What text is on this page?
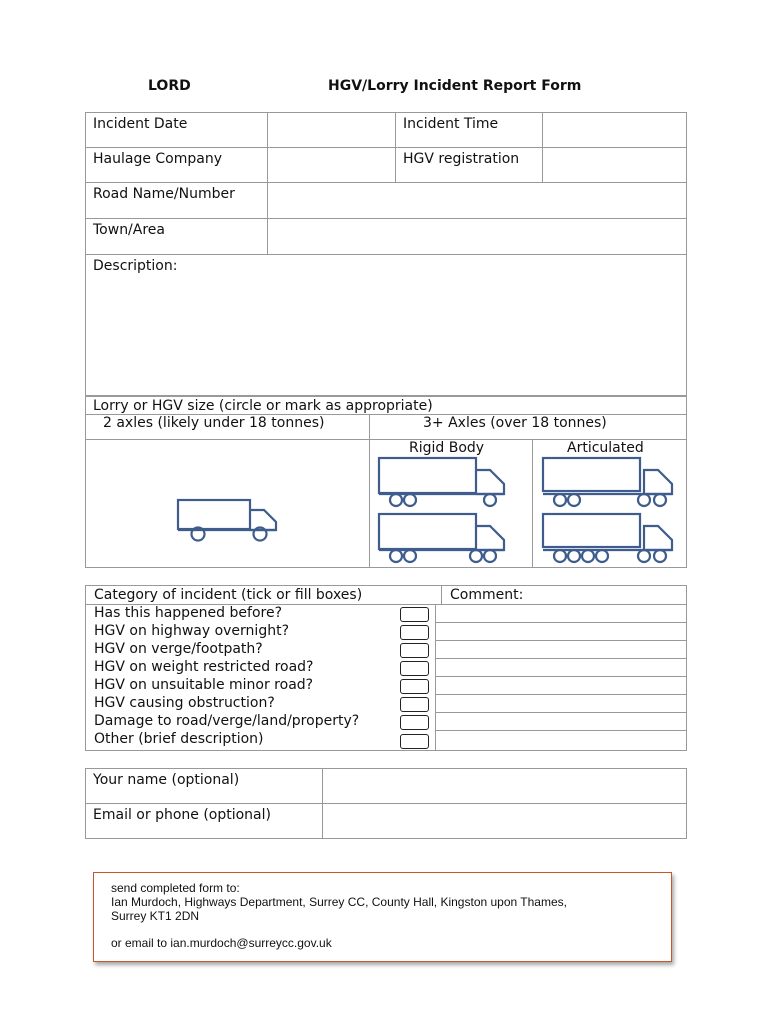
LORD	HGV/Lorry Incident Report Form
Incident Date		Incident Time	

Haulage Company		HGV registration	

Road Name/Number			

Town/Area			

Description:			
Lorry or HGV size (circle or mark as appropriate)
2 axles (likely under 18 tonnes)	3+ Axles (over 18 tonnes)
Rigid Body	Articulated
Category of incident (tick or fill boxes)	Comment:
Has this happened before?
HGV on highway overnight?
HGV on verge/footpath?
HGV on weight restricted road?
HGV on unsuitable minor road?
HGV causing obstruction?
Damage to road/verge/land/property?
Other (brief description)
Your name (optional)	

Email or phone (optional)	

send completed form to:
Ian Murdoch, Highways Department, Surrey CC, County Hall, Kingston upon Thames,
Surrey KT1 2DN
or email to ian.murdoch@surreycc.gov.uk
